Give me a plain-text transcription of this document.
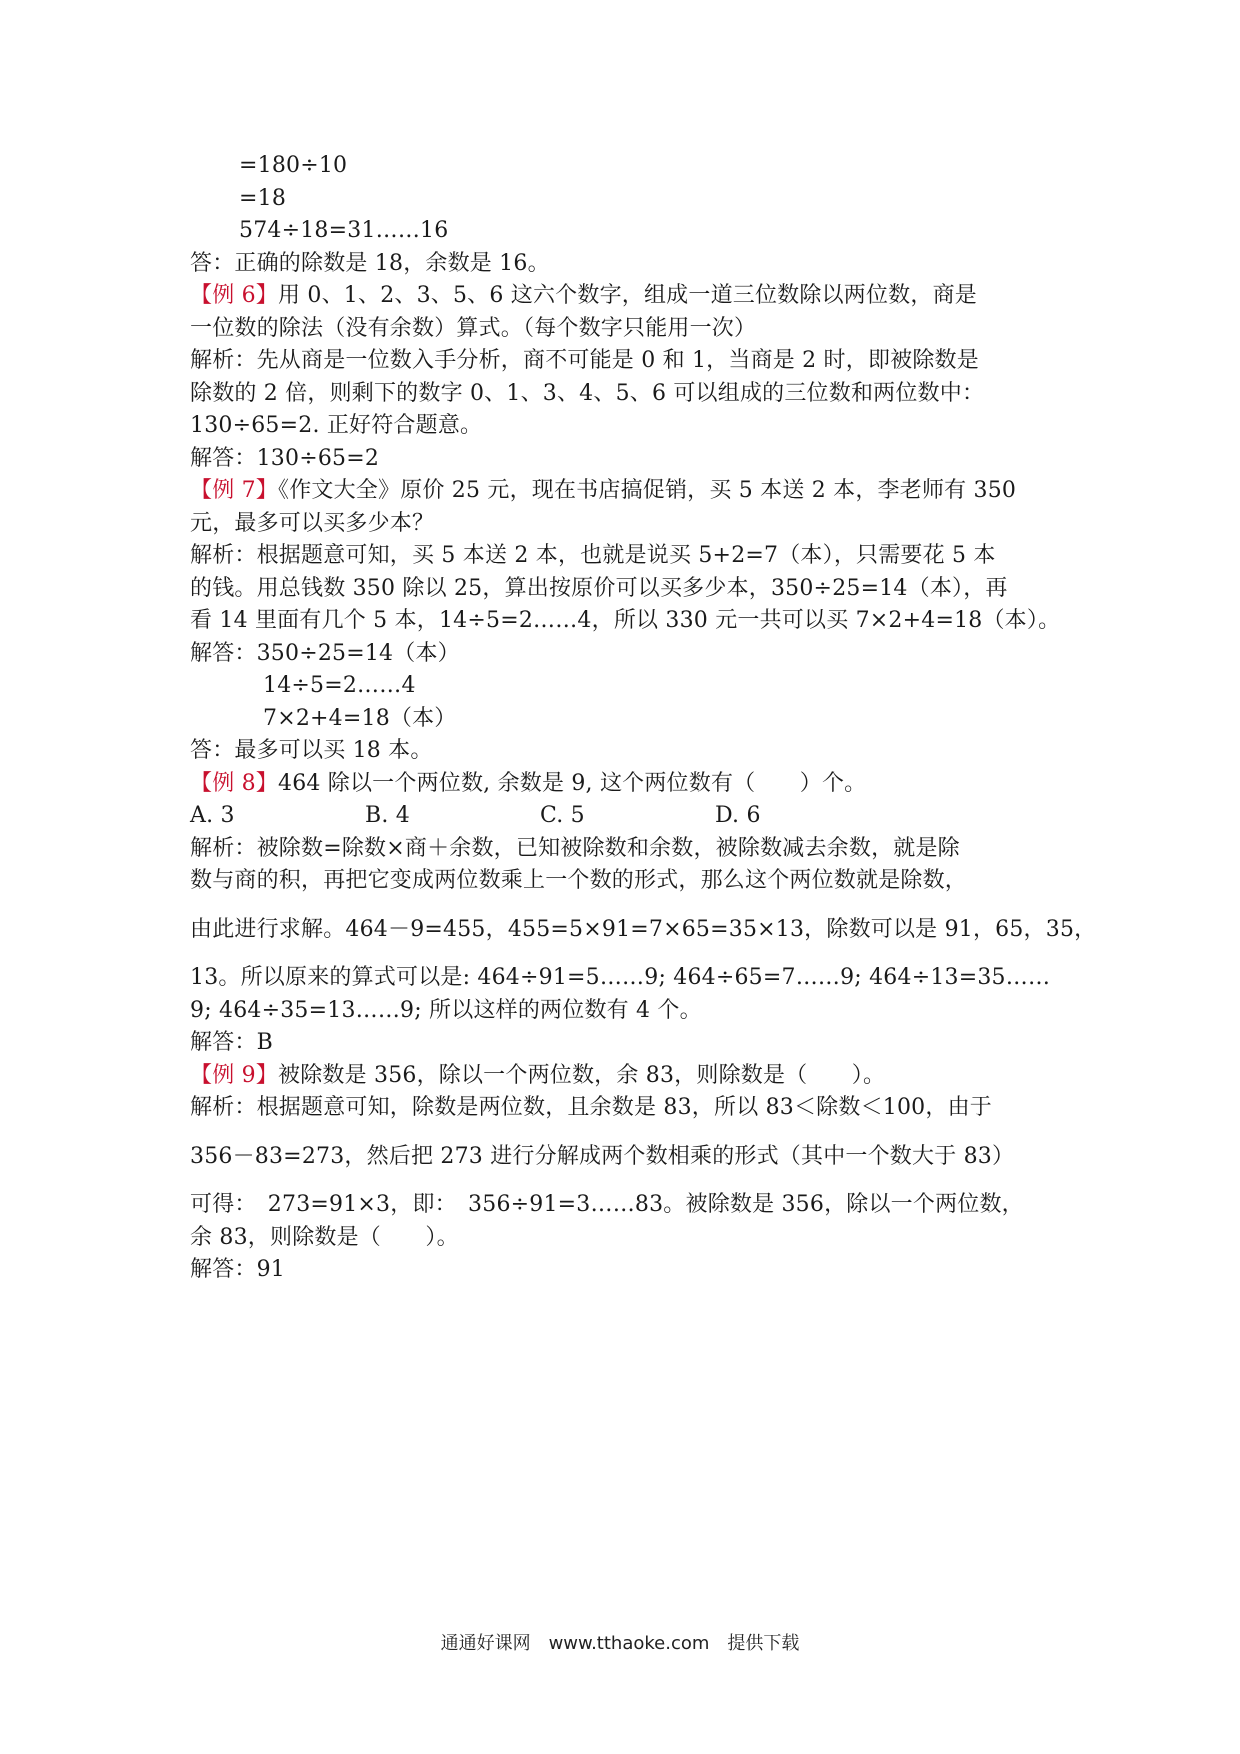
=180÷10

=18

574÷18=31……16

答：正确的除数是 18，余数是 16。

【例 6】用 0、1、2、3、5、6 这六个数字，组成一道三位数除以两位数，商是

一位数的除法（没有余数）算式。（每个数字只能用一次）

解析：先从商是一位数入手分析，商不可能是 0 和 1，当商是 2 时，即被除数是

除数的 2 倍，则剩下的数字 0、1、3、4、5、6 可以组成的三位数和两位数中：

130÷65=2. 正好符合题意。

解答：130÷65=2

【例 7】《作文大全》原价 25 元，现在书店搞促销，买 5 本送 2 本，李老师有 350

元，最多可以买多少本？

解析：根据题意可知，买 5 本送 2 本，也就是说买 5+2=7（本），只需要花 5 本

的钱。用总钱数 350 除以 25，算出按原价可以买多少本，350÷25=14（本），再

看 14 里面有几个 5 本，14÷5=2……4，所以 330 元一共可以买 7×2+4=18（本）。

解答：350÷25=14（本）

14÷5=2……4

7×2+4=18（本）

答：最多可以买 18 本。

【例 8】464 除以一个两位数, 余数是 9, 这个两位数有（　　）个。

A. 3	B. 4	C. 5	D. 6

解析：被除数=除数×商＋余数，已知被除数和余数，被除数减去余数，就是除

数与商的积，再把它变成两位数乘上一个数的形式，那么这个两位数就是除数，

由此进行求解。464－9=455，455=5×91=7×65=35×13，除数可以是 91，65，35，

13。所以原来的算式可以是: 464÷91=5……9; 464÷65=7……9; 464÷13=35……

9; 464÷35=13……9; 所以这样的两位数有 4 个。

解答：B

【例 9】被除数是 356，除以一个两位数，余 83，则除数是（　　）。

解析：根据题意可知，除数是两位数，且余数是 83，所以 83＜除数＜100，由于

356－83=273，然后把 273 进行分解成两个数相乘的形式（其中一个数大于 83）

可得：　273=91×3，即：　356÷91=3……83。被除数是 356，除以一个两位数，

余 83，则除数是（　　）。

解答：91

通通好课网　www.tthaoke.com　提供下载
